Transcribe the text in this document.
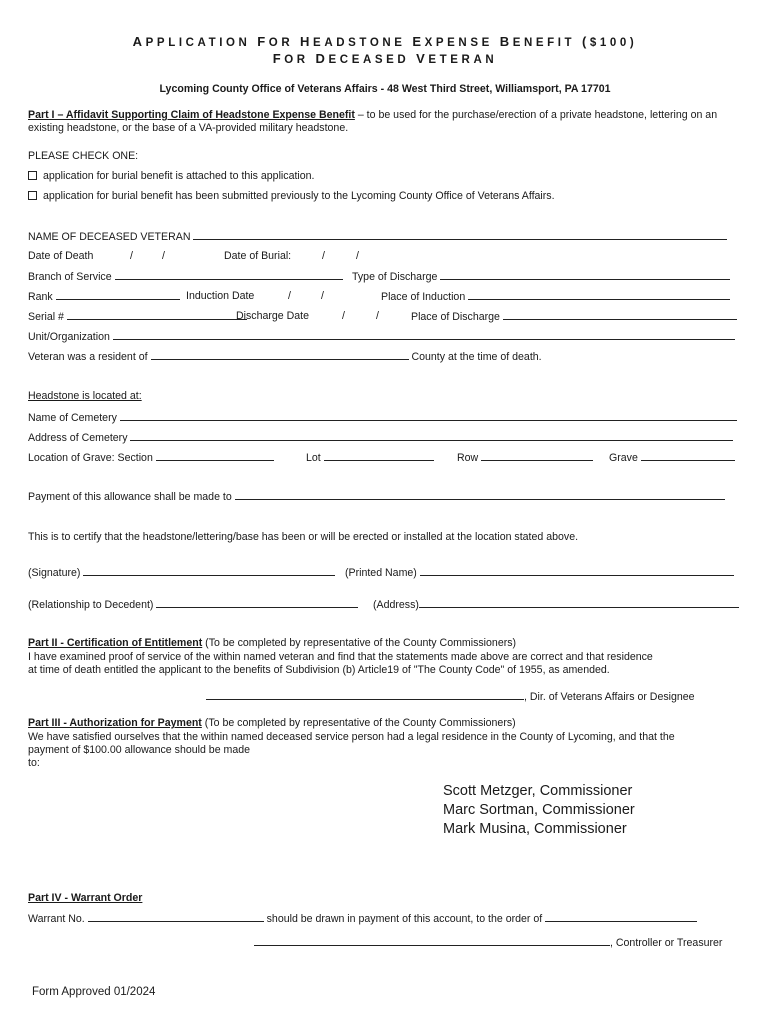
APPLICATION FOR HEADSTONE EXPENSE BENEFIT ($100)
FOR DECEASED VETERAN
Lycoming County Office of Veterans Affairs - 48 West Third Street, Williamsport, PA 17701
Part I – Affidavit Supporting Claim of Headstone Expense Benefit – to be used for the purchase/erection of a private headstone, lettering on an existing headstone, or the base of a VA-provided military headstone.
PLEASE CHECK ONE:
application for burial benefit is attached to this application.
application for burial benefit has been submitted previously to the Lycoming County Office of Veterans Affairs.
NAME OF DECEASED VETERAN
Date of Death	/	/	Date of Burial:	/	/
Branch of Service	Type of Discharge
Rank	Induction Date	/	/	Place of Induction
Serial #	Discharge Date	/	/	Place of Discharge
Unit/Organization
Veteran was a resident of	County at the time of death.
Headstone is located at:
Name of Cemetery
Address of Cemetery
Location of Grave: Section	Lot	Row	Grave
Payment of this allowance shall be made to
This is to certify that the headstone/lettering/base has been or will be erected or installed at the location stated above.
(Signature)	(Printed Name)
(Relationship to Decedent)	(Address)
Part II - Certification of Entitlement (To be completed by representative of the County Commissioners)
I have examined proof of service of the within named veteran and find that the statements made above are correct and that residence
at time of death entitled the applicant to the benefits of Subdivision (b) Article19 of "The County Code" of 1955, as amended.
, Dir. of Veterans Affairs or Designee
Part III - Authorization for Payment (To be completed by representative of the County Commissioners)
We have satisfied ourselves that the within named deceased service person had a legal residence in the County of Lycoming, and that the
payment of $100.00 allowance should be made
to:
Scott Metzger, Commissioner
Marc Sortman, Commissioner
Mark Musina, Commissioner
Part IV - Warrant Order
Warrant No.	should be drawn in payment of this account, to the order of
, Controller or Treasurer
Form Approved 01/2024
